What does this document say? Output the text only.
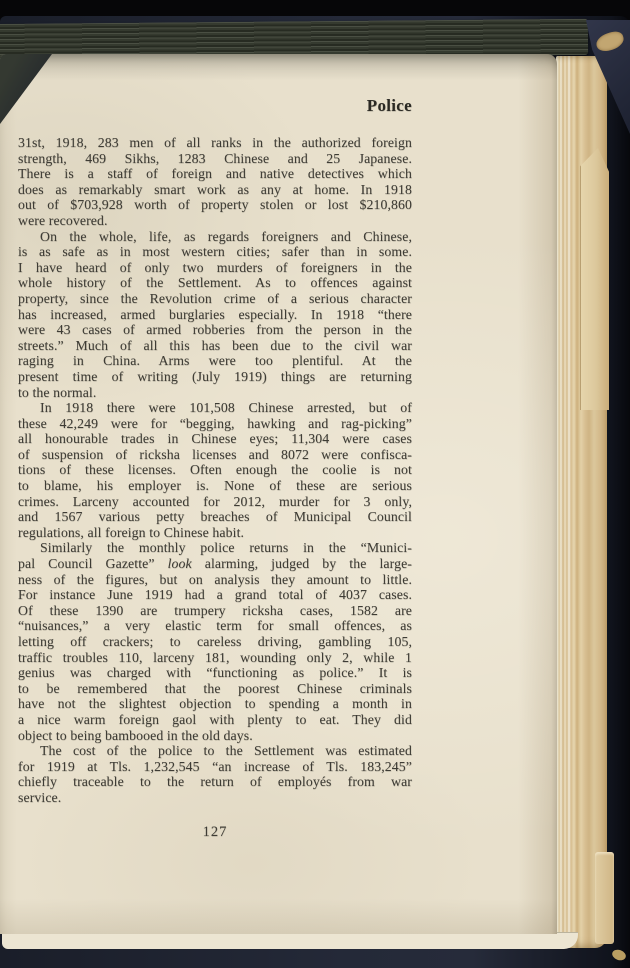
Police
31st, 1918, 283 men of all ranks in the authorized foreign
strength, 469 Sikhs, 1283 Chinese and 25 Japanese.
There is a staff of foreign and native detectives which
does as remarkably smart work as any at home. In 1918
out of $703,928 worth of property stolen or lost $210,860
were recovered.
On the whole, life, as regards foreigners and Chinese,
is as safe as in most western cities; safer than in some.
I have heard of only two murders of foreigners in the
whole history of the Settlement. As to offences against
property, since the Revolution crime of a serious character
has increased, armed burglaries especially. In 1918 “there
were 43 cases of armed robberies from the person in the
streets.” Much of all this has been due to the civil war
raging in China. Arms were too plentiful. At the
present time of writing (July 1919) things are returning
to the normal.
In 1918 there were 101,508 Chinese arrested, but of
these 42,249 were for “begging, hawking and rag-picking”
all honourable trades in Chinese eyes; 11,304 were cases
of suspension of ricksha licenses and 8072 were confisca-
tions of these licenses. Often enough the coolie is not
to blame, his employer is. None of these are serious
crimes. Larceny accounted for 2012, murder for 3 only,
and 1567 various petty breaches of Municipal Council
regulations, all foreign to Chinese habit.
Similarly the monthly police returns in the “Munici-
pal Council Gazette” look alarming, judged by the large-
ness of the figures, but on analysis they amount to little.
For instance June 1919 had a grand total of 4037 cases.
Of these 1390 are trumpery ricksha cases, 1582 are
“nuisances,” a very elastic term for small offences, as
letting off crackers; to careless driving, gambling 105,
traffic troubles 110, larceny 181, wounding only 2, while 1
genius was charged with “functioning as police.” It is
to be remembered that the poorest Chinese criminals
have not the slightest objection to spending a month in
a nice warm foreign gaol with plenty to eat. They did
object to being bambooed in the old days.
The cost of the police to the Settlement was estimated
for 1919 at Tls. 1,232,545 “an increase of Tls. 183,245”
chiefly traceable to the return of employés from war
service.
127
